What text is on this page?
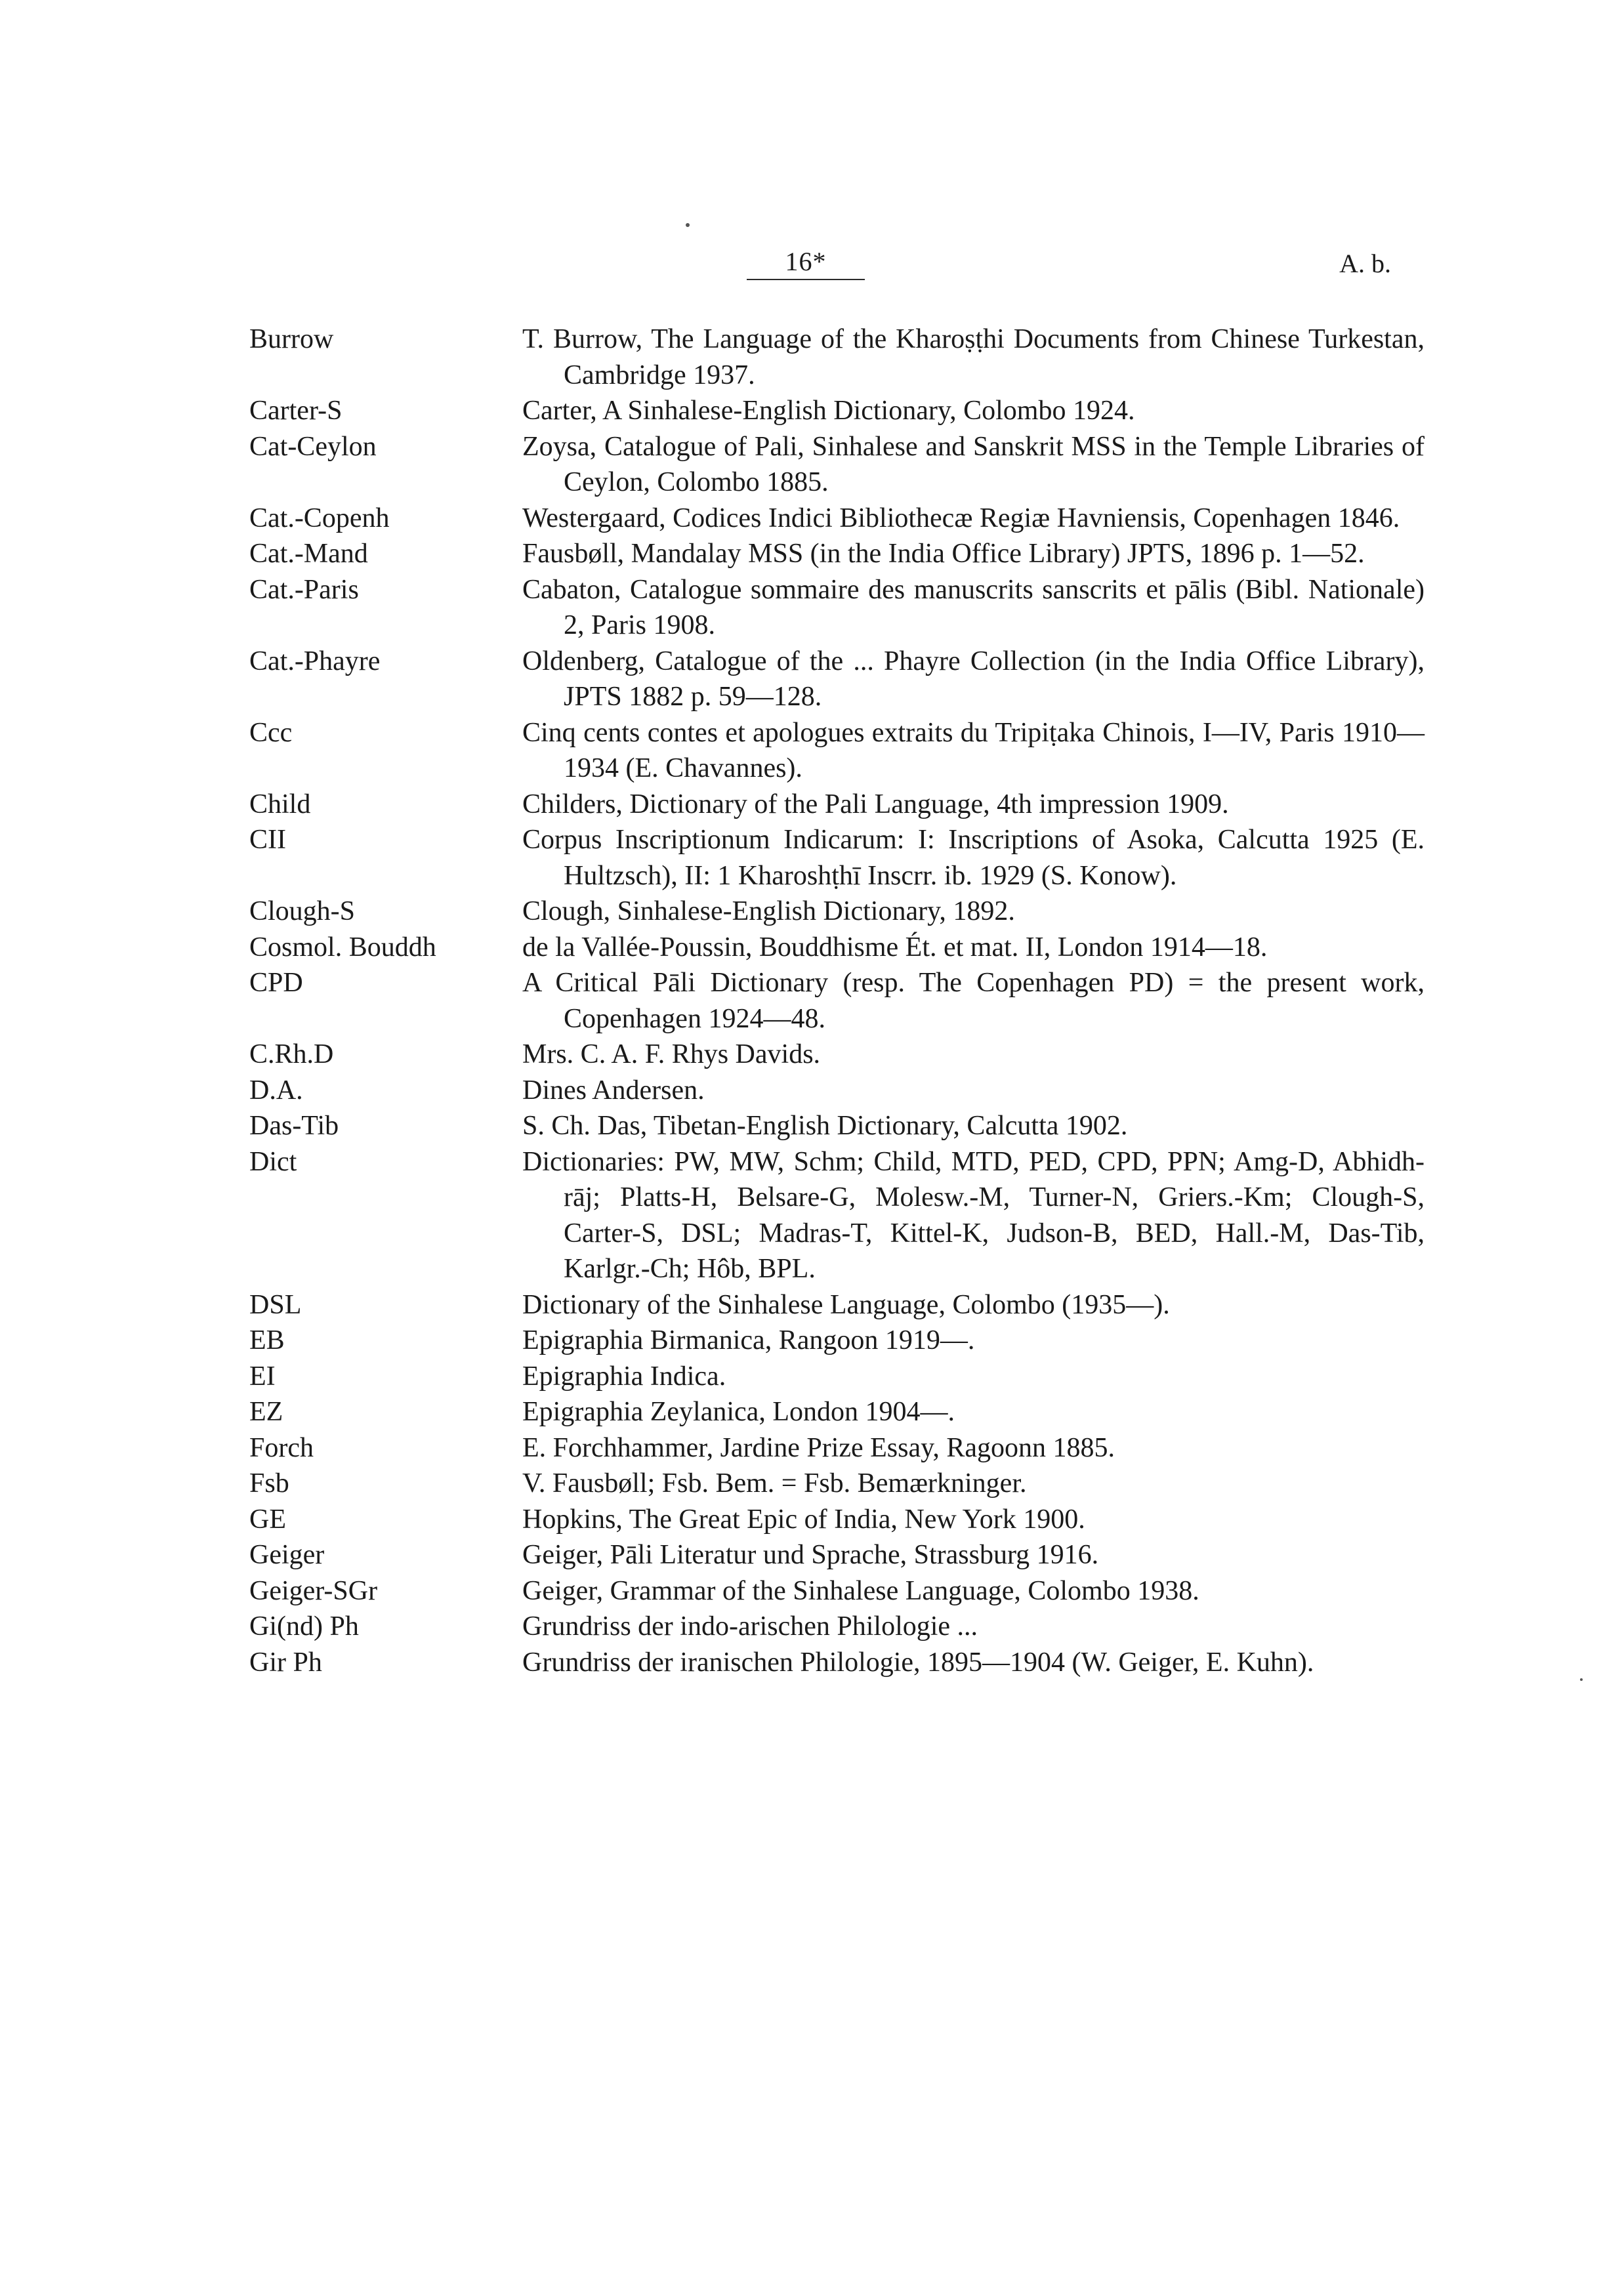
16*	A. b.
Burrow	T. Burrow, The Language of the Kharoṣṭhi Documents from Chinese Turkestan, Cambridge 1937.
Carter-S	Carter, A Sinhalese-English Dictionary, Colombo 1924.
Cat-Ceylon	Zoysa, Catalogue of Pali, Sinhalese and Sanskrit MSS in the Temple Libraries of Ceylon, Colombo 1885.
Cat.-Copenh	Westergaard, Codices Indici Bibliothecæ Regiæ Havniensis, Copenhagen 1846.
Cat.-Mand	Fausbøll, Mandalay MSS (in the India Office Library) JPTS, 1896 p. 1—52.
Cat.-Paris	Cabaton, Catalogue sommaire des manuscrits sanscrits et pālis (Bibl. Nationale) 2, Paris 1908.
Cat.-Phayre	Oldenberg, Catalogue of the ... Phayre Collection (in the India Office Library), JPTS 1882 p. 59—128.
Ccc	Cinq cents contes et apologues extraits du Tripiṭaka Chinois, I—IV, Paris 1910—1934 (E. Chavannes).
Child	Childers, Dictionary of the Pali Language, 4th impression 1909.
CII	Corpus Inscriptionum Indicarum: I: Inscriptions of Asoka, Calcutta 1925 (E. Hultzsch), II: 1 Kharoshṭhī Inscrr. ib. 1929 (S. Konow).
Clough-S	Clough, Sinhalese-English Dictionary, 1892.
Cosmol. Bouddh	de la Vallée-Poussin, Bouddhisme Ét. et mat. II, London 1914—18.
CPD	A Critical Pāli Dictionary (resp. The Copenhagen PD) = the present work, Copenhagen 1924—48.
C.Rh.D	Mrs. C. A. F. Rhys Davids.
D.A.	Dines Andersen.
Das-Tib	S. Ch. Das, Tibetan-English Dictionary, Calcutta 1902.
Dict	Dictionaries: PW, MW, Schm; Child, MTD, PED, CPD, PPN; Amg-D, Abhidh-rāj; Platts-H, Belsare-G, Molesw.-M, Turner-N, Griers.-Km; Clough-S, Carter-S, DSL; Madras-T, Kittel-K, Judson-B, BED, Hall.-M, Das-Tib, Karlgr.-Ch; Hôb, BPL.
DSL	Dictionary of the Sinhalese Language, Colombo (1935—).
EB	Epigraphia Birmanica, Rangoon 1919—.
EI	Epigraphia Indica.
EZ	Epigraphia Zeylanica, London 1904—.
Forch	E. Forchhammer, Jardine Prize Essay, Ragoonn 1885.
Fsb	V. Fausbøll; Fsb. Bem. = Fsb. Bemærkninger.
GE	Hopkins, The Great Epic of India, New York 1900.
Geiger	Geiger, Pāli Literatur und Sprache, Strassburg 1916.
Geiger-SGr	Geiger, Grammar of the Sinhalese Language, Colombo 1938.
Gi(nd) Ph	Grundriss der indo-arischen Philologie ...
Gir Ph	Grundriss der iranischen Philologie, 1895—1904 (W. Geiger, E. Kuhn).
